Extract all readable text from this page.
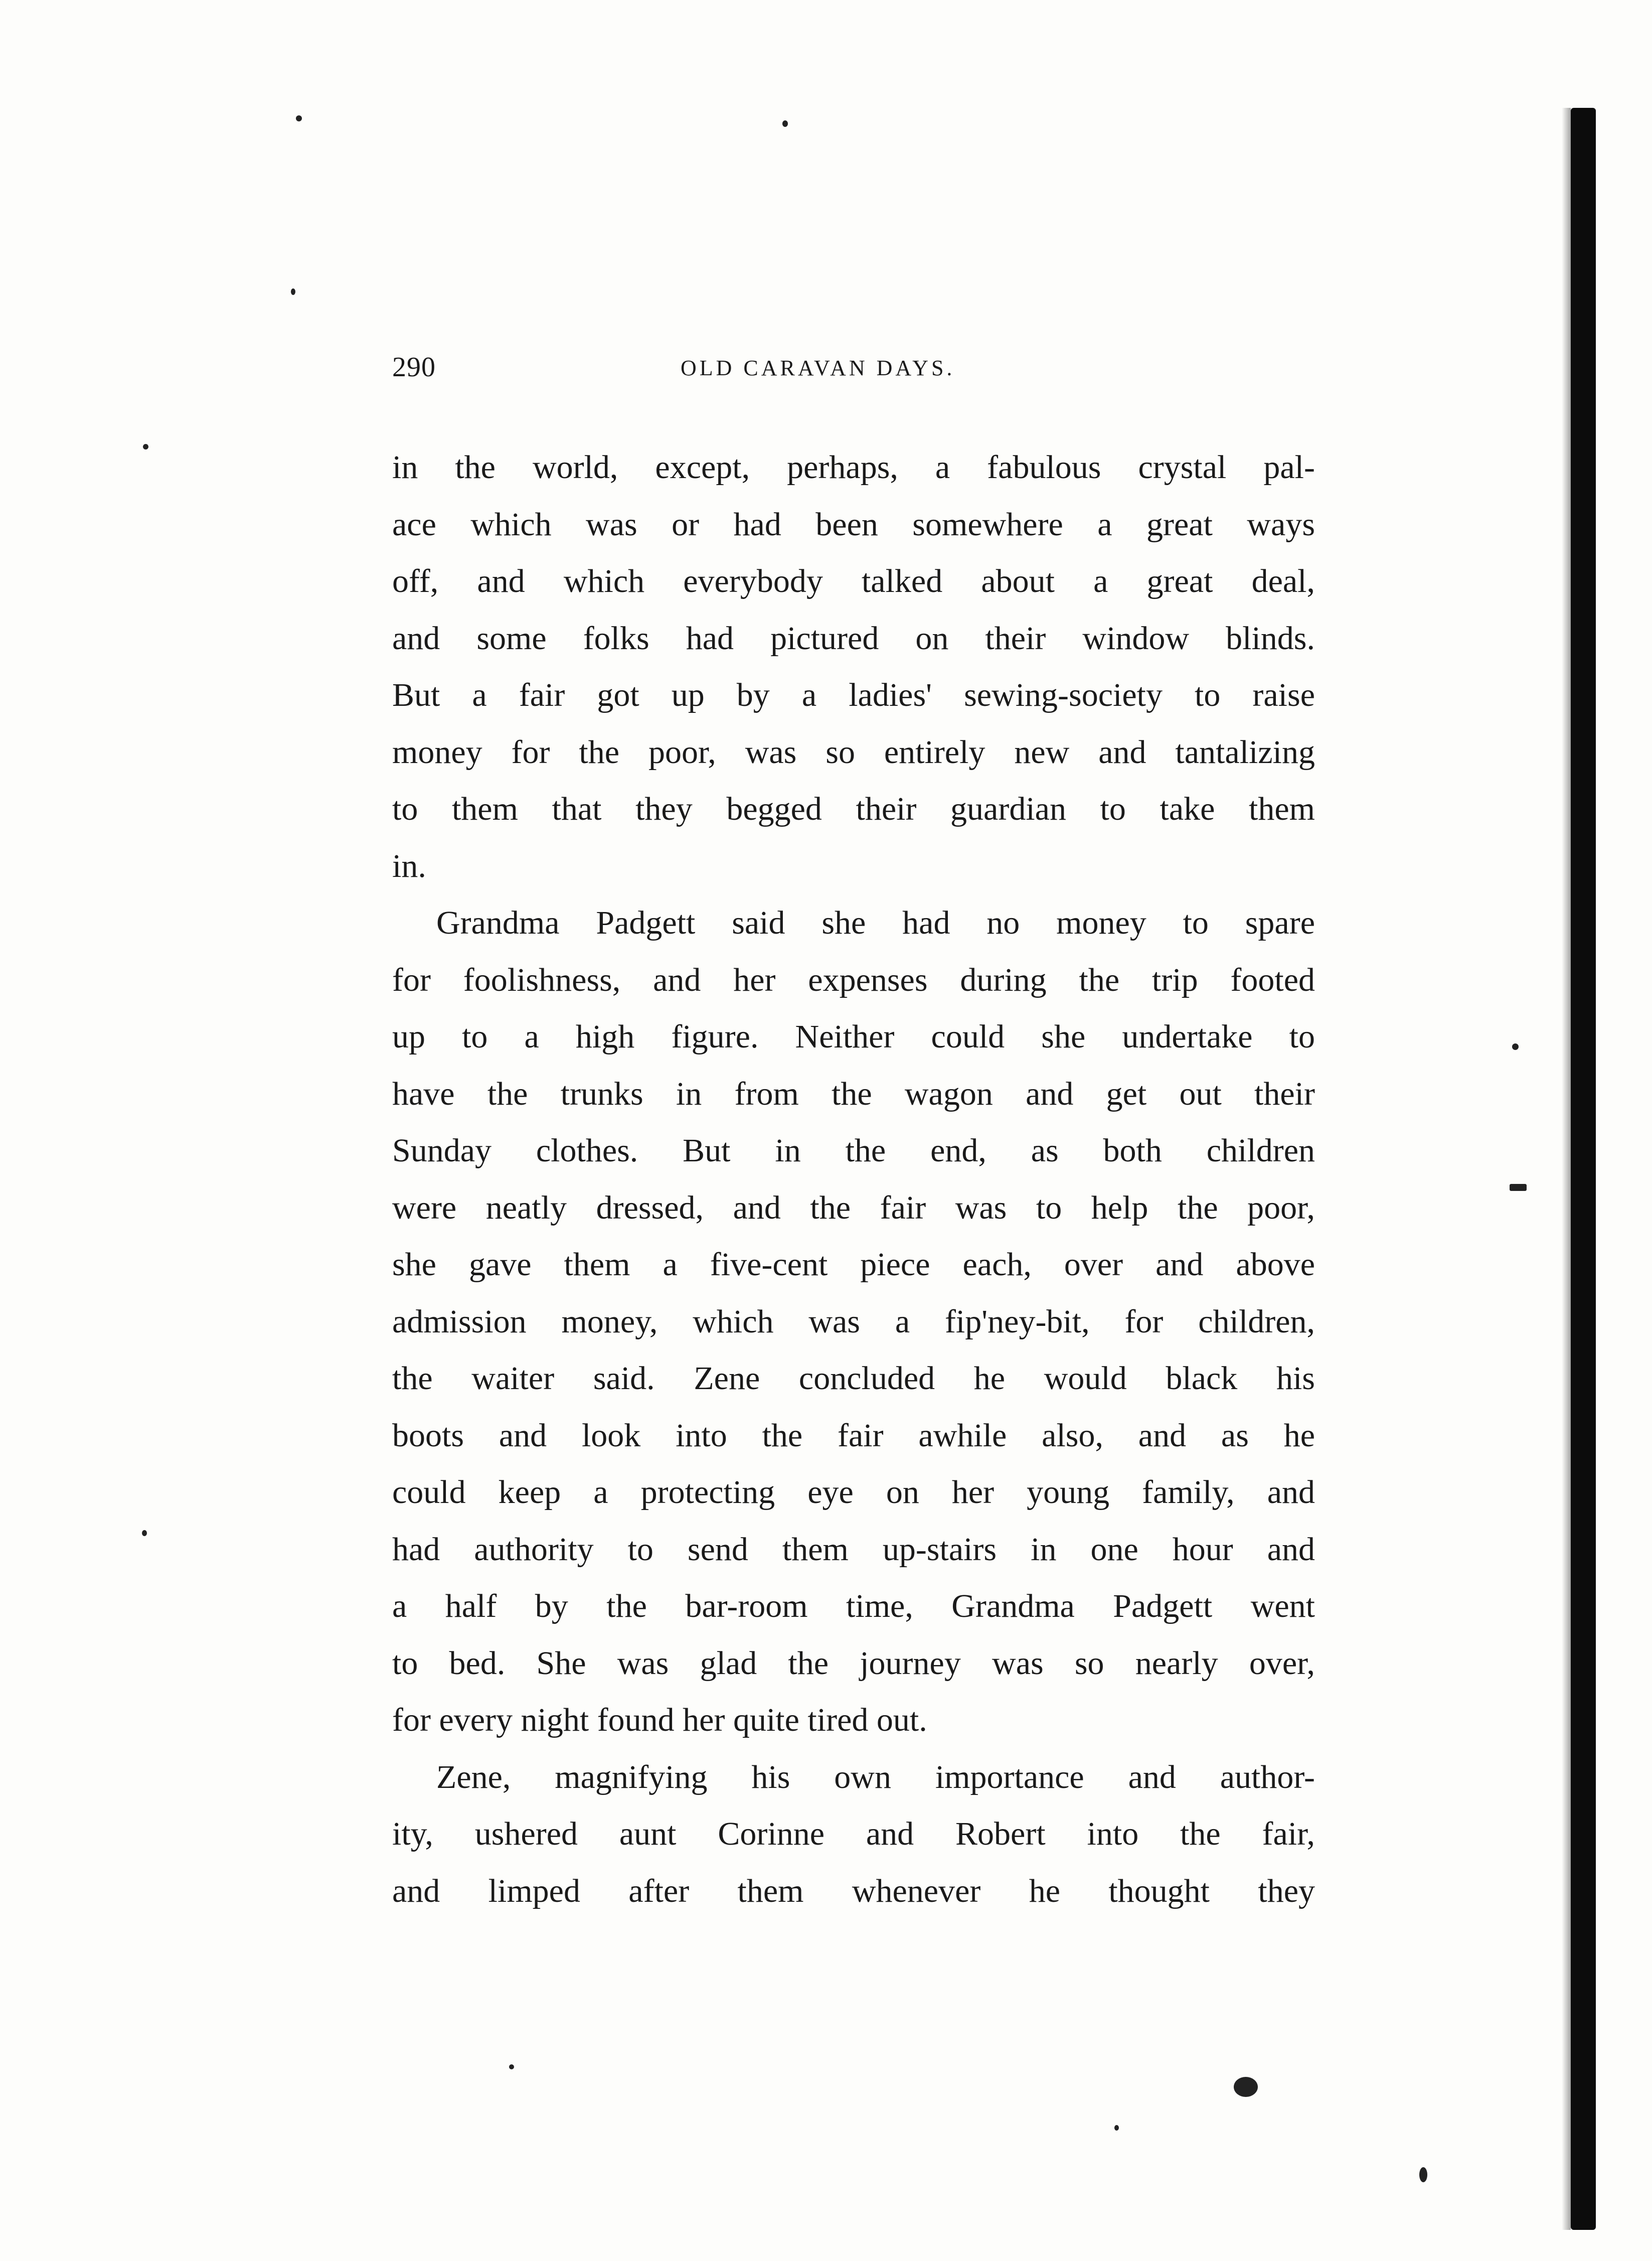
290	OLD CARAVAN DAYS.
in the world, except, perhaps, a fabulous crystal pal-
ace which was or had been somewhere a great ways
off, and which everybody talked about a great deal,
and some folks had pictured on their window blinds.
But a fair got up by a ladies' sewing-society to raise
money for the poor, was so entirely new and tantalizing
to them that they begged their guardian to take them
in.
Grandma Padgett said she had no money to spare
for foolishness, and her expenses during the trip footed
up to a high figure. Neither could she undertake to
have the trunks in from the wagon and get out their
Sunday clothes. But in the end, as both children
were neatly dressed, and the fair was to help the poor,
she gave them a five-cent piece each, over and above
admission money, which was a fip'ney-bit, for children,
the waiter said. Zene concluded he would black his
boots and look into the fair awhile also, and as he
could keep a protecting eye on her young family, and
had authority to send them up-stairs in one hour and
a half by the bar-room time, Grandma Padgett went
to bed. She was glad the journey was so nearly over,
for every night found her quite tired out.
Zene, magnifying his own importance and author-
ity, ushered aunt Corinne and Robert into the fair,
and limped after them whenever he thought they
